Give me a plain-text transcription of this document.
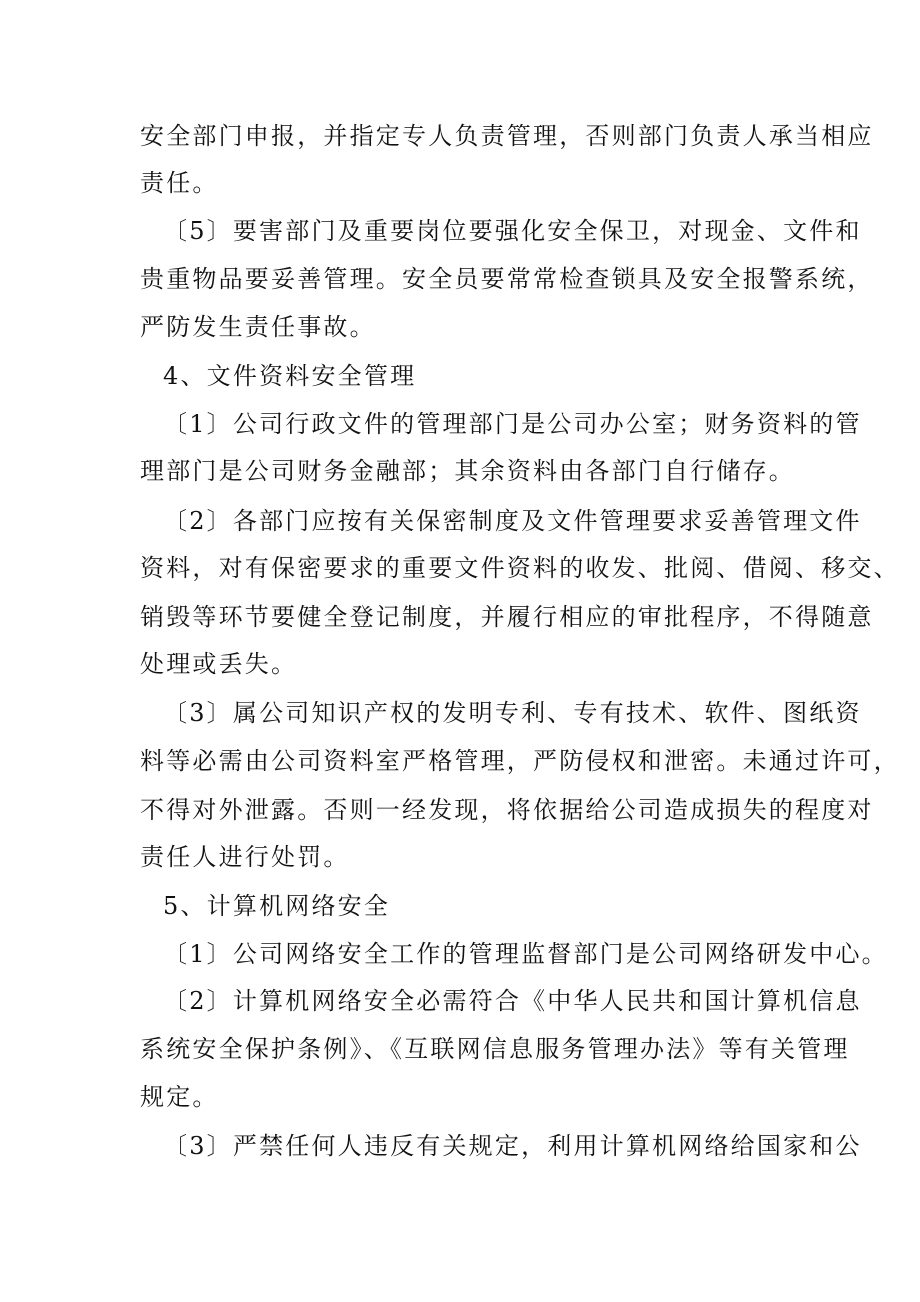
安全部门申报，并指定专人负责管理，否则部门负责人承当相应
责任。
〔5〕要害部门及重要岗位要强化安全保卫，对现金、文件和
贵重物品要妥善管理。安全员要常常检查锁具及安全报警系统，
严防发生责任事故。
4、文件资料安全管理
〔1〕公司行政文件的管理部门是公司办公室；财务资料的管
理部门是公司财务金融部；其余资料由各部门自行储存。
〔2〕各部门应按有关保密制度及文件管理要求妥善管理文件
资料，对有保密要求的重要文件资料的收发、批阅、借阅、移交、
销毁等环节要健全登记制度，并履行相应的审批程序，不得随意
处理或丢失。
〔3〕属公司知识产权的发明专利、专有技术、软件、图纸资
料等必需由公司资料室严格管理，严防侵权和泄密。未通过许可，
不得对外泄露。否则一经发现，将依据给公司造成损失的程度对
责任人进行处罚。
5、计算机网络安全
〔1〕公司网络安全工作的管理监督部门是公司网络研发中心。
〔2〕计算机网络安全必需符合《中华人民共和国计算机信息
系统安全保护条例》、《互联网信息服务管理办法》等有关管理
规定。
〔3〕严禁任何人违反有关规定，利用计算机网络给国家和公
